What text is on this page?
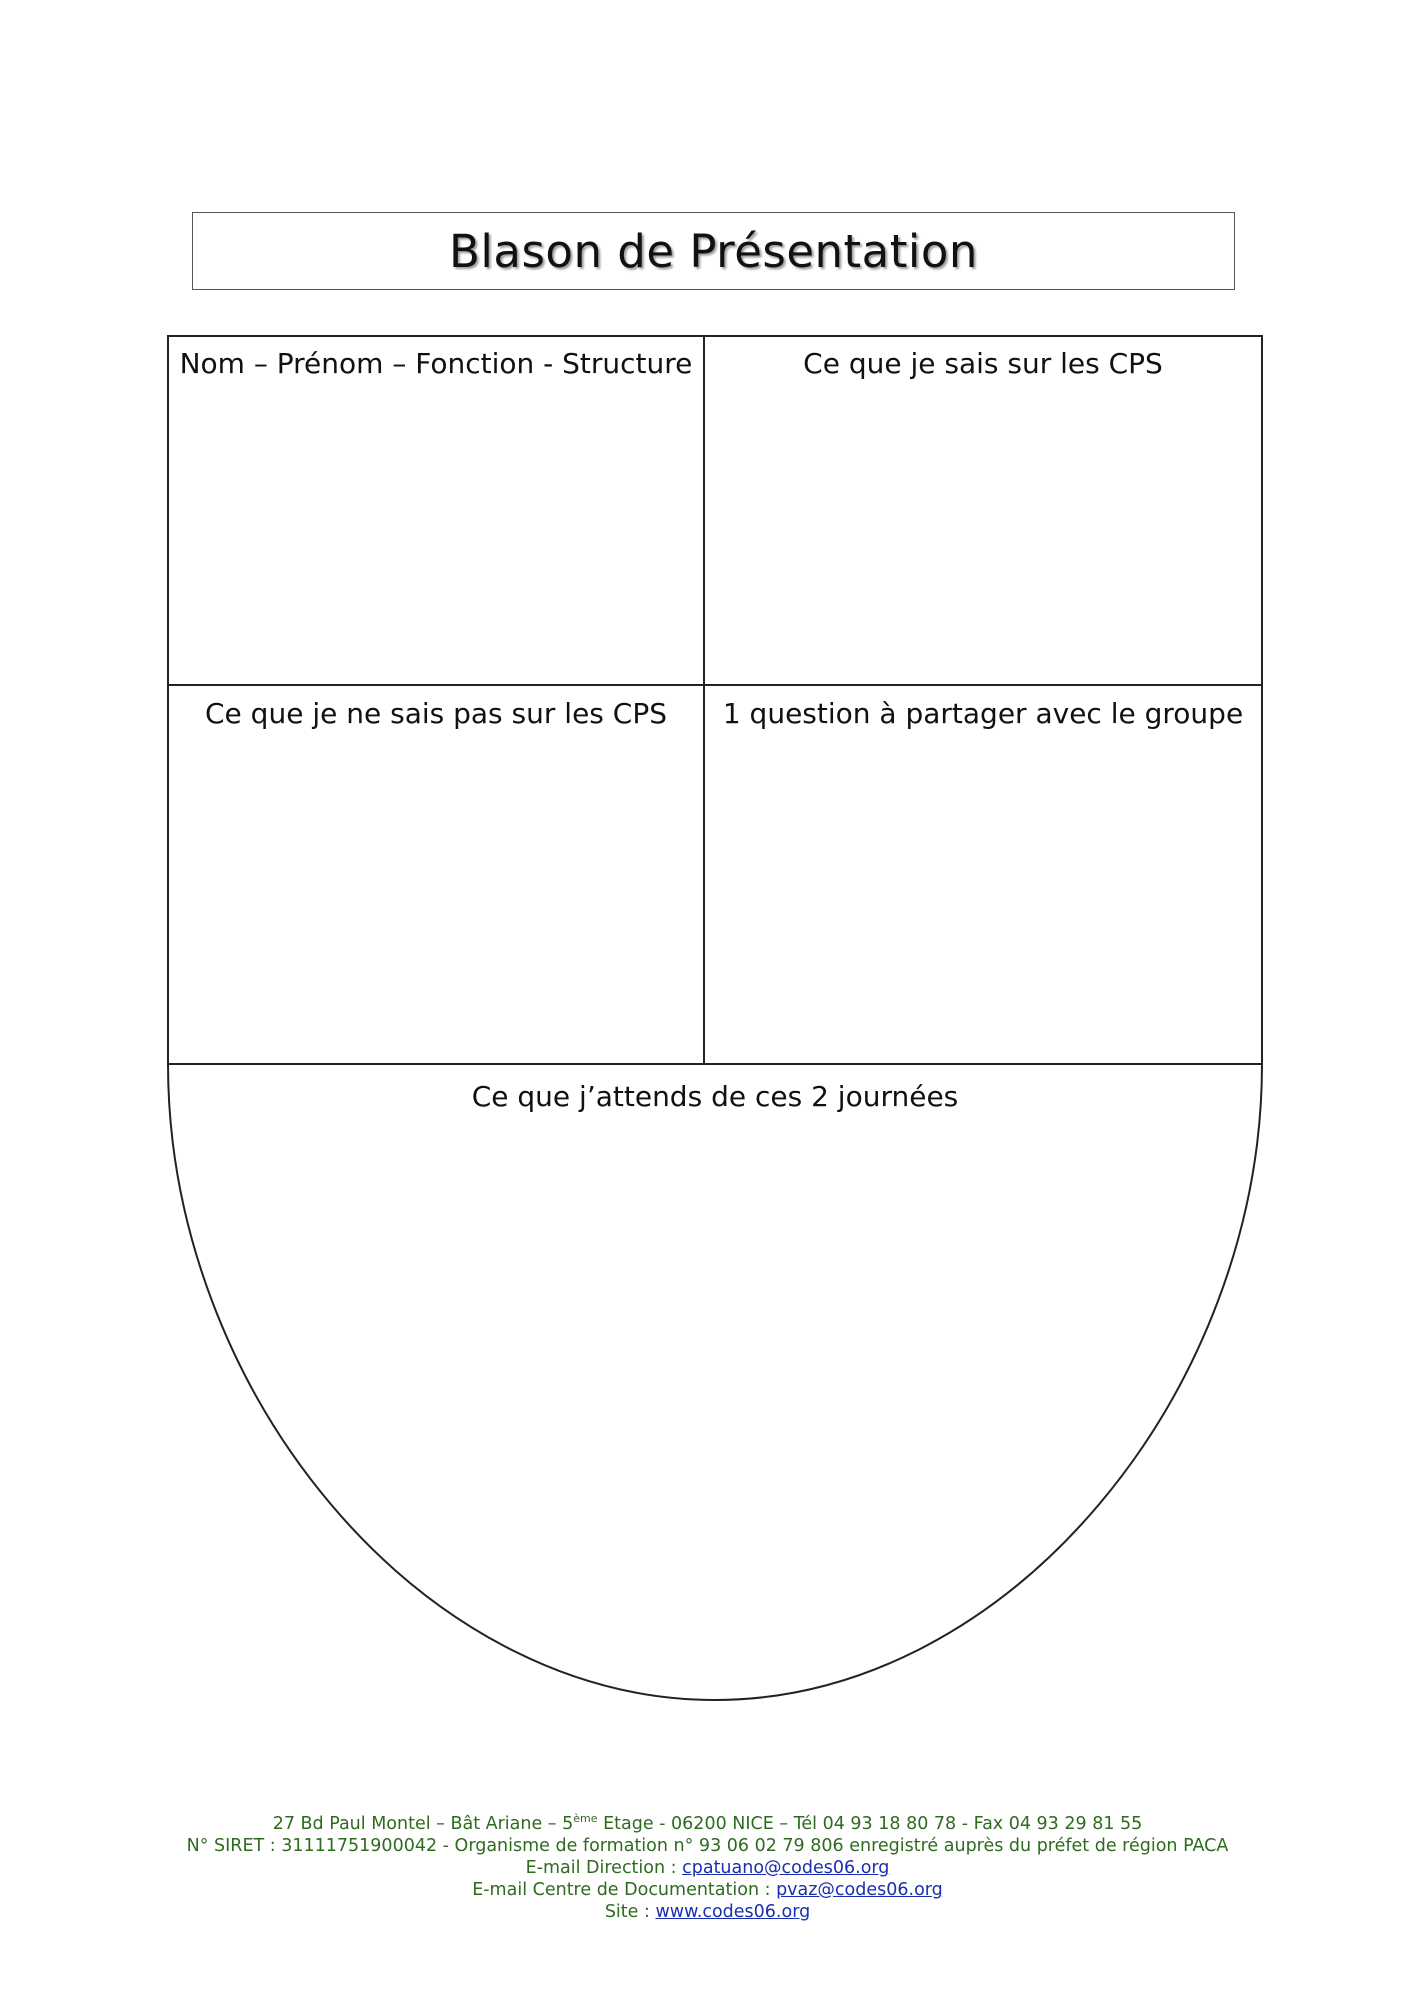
Blason de Présentation
Nom – Prénom – Fonction - Structure	Ce que je sais sur les CPS
Ce que je ne sais pas sur les CPS	1 question à partager avec le groupe
Ce que j’attends de ces 2 journées
27 Bd Paul Montel – Bât Ariane – 5ème Etage - 06200 NICE – Tél 04 93 18 80 78 - Fax 04 93 29 81 55
N° SIRET : 31111751900042 - Organisme de formation n° 93 06 02 79 806 enregistré auprès du préfet de région PACA
E-mail Direction : cpatuano@codes06.org
E-mail Centre de Documentation : pvaz@codes06.org
Site : www.codes06.org
